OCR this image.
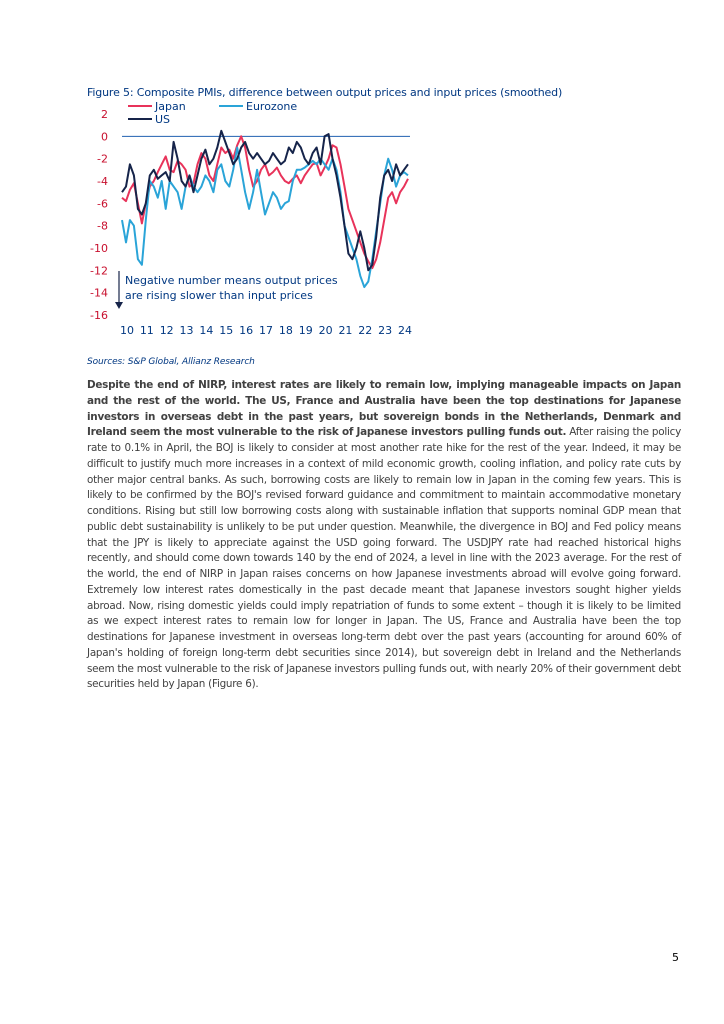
Figure 5: Composite PMIs, difference between output prices and input prices (smoothed)
2
0
-2
-4
-6
-8
-10
-12
-14
-16
10 11 12 13 14 15 16 17 18 19 20 21 22 23 24
Japan	Eurozone
US
Negative number means output prices
are rising slower than input prices
Sources: S&P Global, Allianz Research
Despite the end of NIRP, interest rates are likely to remain low, implying manageable impacts on Japan and the rest of the world. The US, France and Australia have been the top destinations for Japanese investors in overseas debt in the past years, but sovereign bonds in the Netherlands, Denmark and Ireland seem the most vulnerable to the risk of Japanese investors pulling funds out. After raising the policy rate to 0.1% in April, the BOJ is likely to consider at most another rate hike for the rest of the year. Indeed, it may be difficult to justify much more increases in a context of mild economic growth, cooling inflation, and policy rate cuts by other major central banks. As such, borrowing costs are likely to remain low in Japan in the coming few years. This is likely to be confirmed by the BOJ's revised forward guidance and commitment to maintain accommodative monetary conditions. Rising but still low borrowing costs along with sustainable inflation that supports nominal GDP mean that public debt sustainability is unlikely to be put under question. Meanwhile, the divergence in BOJ and Fed policy means that the JPY is likely to appreciate against the USD going forward. The USDJPY rate had reached historical highs recently, and should come down towards 140 by the end of 2024, a level in line with the 2023 average. For the rest of the world, the end of NIRP in Japan raises concerns on how Japanese investments abroad will evolve going forward. Extremely low interest rates domestically in the past decade meant that Japanese investors sought higher yields abroad. Now, rising domestic yields could imply repatriation of funds to some extent – though it is likely to be limited as we expect interest rates to remain low for longer in Japan. The US, France and Australia have been the top destinations for Japanese investment in overseas long-term debt over the past years (accounting for around 60% of Japan's holding of foreign long-term debt securities since 2014), but sovereign debt in Ireland and the Netherlands seem the most vulnerable to the risk of Japanese investors pulling funds out, with nearly 20% of their government debt securities held by Japan (Figure 6).
5
